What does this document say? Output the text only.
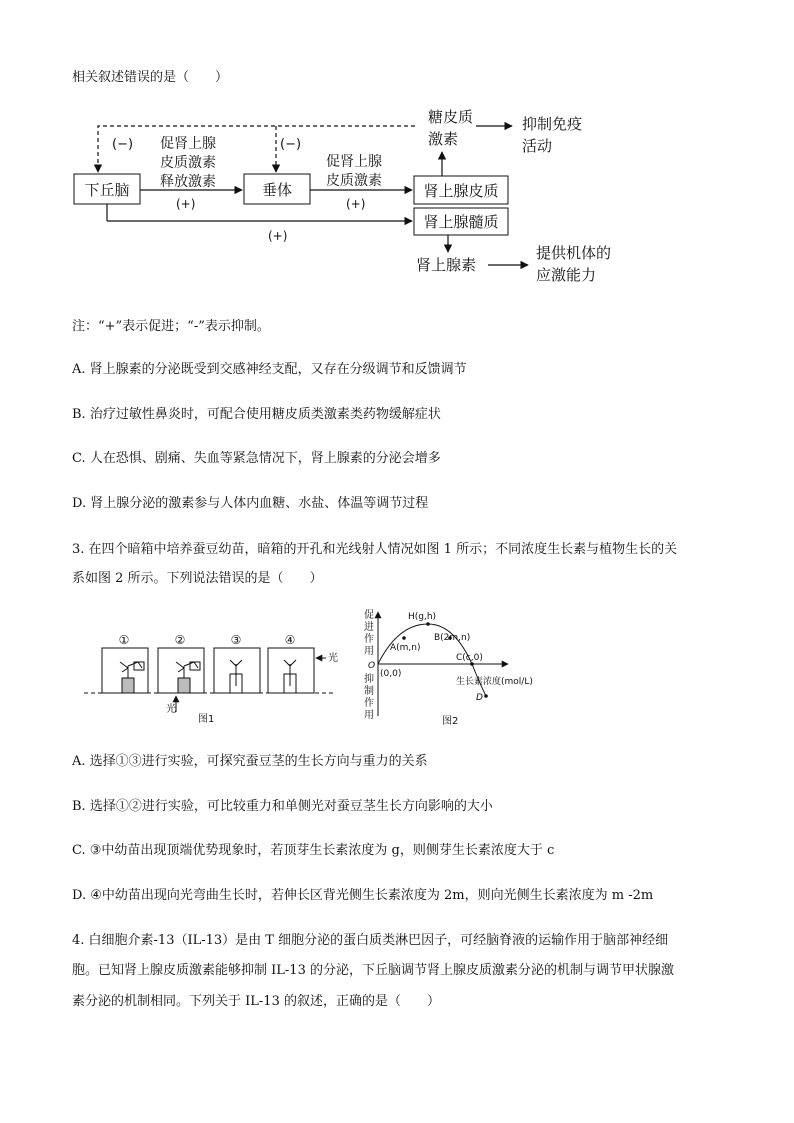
相关叙述错误的是（　　）
(−)	(−)
下丘脑	垂体	肾上腺皮质
肾上腺髓质
促肾上腺
皮质激素
释放激素
(+)
促肾上腺
皮质激素
(+)
(+)
糖皮质
激素
抑制免疫
活动
肾上腺素
提供机体的
应激能力
注：“+”表示促进；“-”表示抑制。
A. 肾上腺素的分泌既受到交感神经支配，又存在分级调节和反馈调节
B. 治疗过敏性鼻炎时，可配合使用糖皮质类激素类药物缓解症状
C. 人在恐惧、剧痛、失血等紧急情况下，肾上腺素的分泌会增多
D. 肾上腺分泌的激素参与人体内血糖、水盐、体温等调节过程
3. 在四个暗箱中培养蚕豆幼苗，暗箱的开孔和光线射人情况如图 1 所示；不同浓度生长素与植物生长的关
系如图 2 所示。下列说法错误的是（　　）
①	②
光
③	④
光
图1
促
进
作
用
抑
制
作
用
H(g,h)
A(m,n)
B(2m,n)
C(c,0)
D
O
(0,0)
生长素浓度(mol/L)
图2
A. 选择①③进行实验，可探究蚕豆茎的生长方向与重力的关系
B. 选择①②进行实验，可比较重力和单侧光对蚕豆茎生长方向影响的大小
C. ③中幼苗出现顶端优势现象时，若顶芽生长素浓度为 g，则侧芽生长素浓度大于 c
D. ④中幼苗出现向光弯曲生长时，若伸长区背光侧生长素浓度为 2m，则向光侧生长素浓度为 m -2m
4. 白细胞介素-13（IL-13）是由 T 细胞分泌的蛋白质类淋巴因子，可经脑脊液的运输作用于脑部神经细
胞。已知肾上腺皮质激素能够抑制 IL-13 的分泌，下丘脑调节肾上腺皮质激素分泌的机制与调节甲状腺激
素分泌的机制相同。下列关于 IL-13 的叙述，正确的是（　　）
